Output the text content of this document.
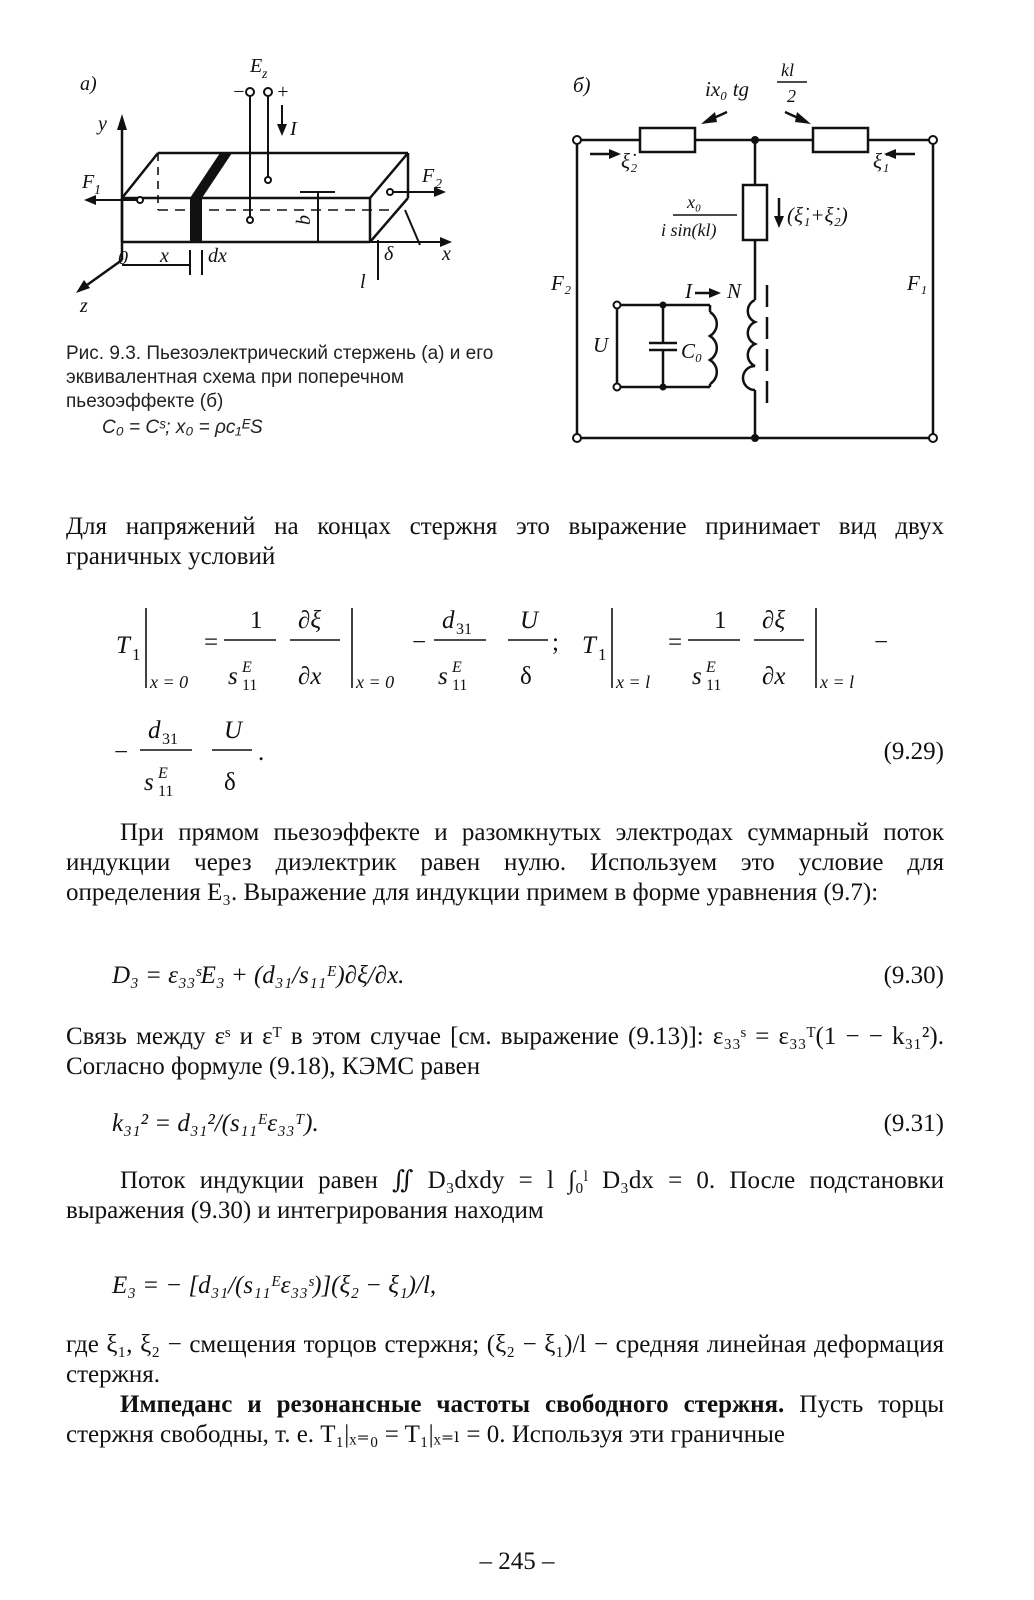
а)
E z
− +
I
y
x
z
0
F 1
F 2
x dx
b
l
δ
б)	ix₀ tg
kl
2
ξ̇₂	ξ̇₁
x₀
i sin(kl)
(ξ̇₁+ξ̇₂)
F₂	F₁
I N
U	C₀
Рис. 9.3. Пьезоэлектрический стержень (а) и его эквивалентная схема при поперечном пьезоэффекте (б)
C₀ = Cˢ; x₀ = ρc₁ᴱS
Для напряжений на концах стержня это выражение принимает вид двух граничных условий
T 1
x = 0
=
1
s E
11
∂ξ
∂x x = 0
−
d 31
s E
11
U
δ
; T 1
x = l
=
1
s E
11
∂ξ
∂x x = l
−
−
d 31
s E
11
U
δ
.	(9.29)
При прямом пьезоэффекте и разомкнутых электродах суммарный поток индукции через диэлектрик равен нулю. Используем это условие для определения E₃. Выражение для индукции примем в форме уравнения (9.7):
D₃ = ε₃₃ˢE₃ + (d₃₁/s₁₁ᴱ)∂ξ/∂x.	(9.30)
Связь между εˢ и εᵀ в этом случае [см. выражение (9.13)]: ε₃₃ˢ = ε₃₃ᵀ(1 − − k₃₁²). Согласно формуле (9.18), КЭМС равен
k₃₁² = d₃₁²/(s₁₁ᴱε₃₃ᵀ).	(9.31)
Поток индукции равен ∬ D₃dxdy = l ∫₀ˡ D₃dx = 0. После подстановки выражения (9.30) и интегрирования находим
E₃ = − [d₃₁/(s₁₁ᴱε₃₃ˢ)](ξ₂ − ξ₁)/l,
где ξ₁, ξ₂ − смещения торцов стержня; (ξ₂ − ξ₁)/l − средняя линейная деформация стержня.
Импеданс и резонансные частоты свободного стержня. Пусть торцы стержня свободны, т. е. T₁|ₓ₌₀ = T₁|ₓ₌ₗ = 0. Используя эти граничные
– 245 –
